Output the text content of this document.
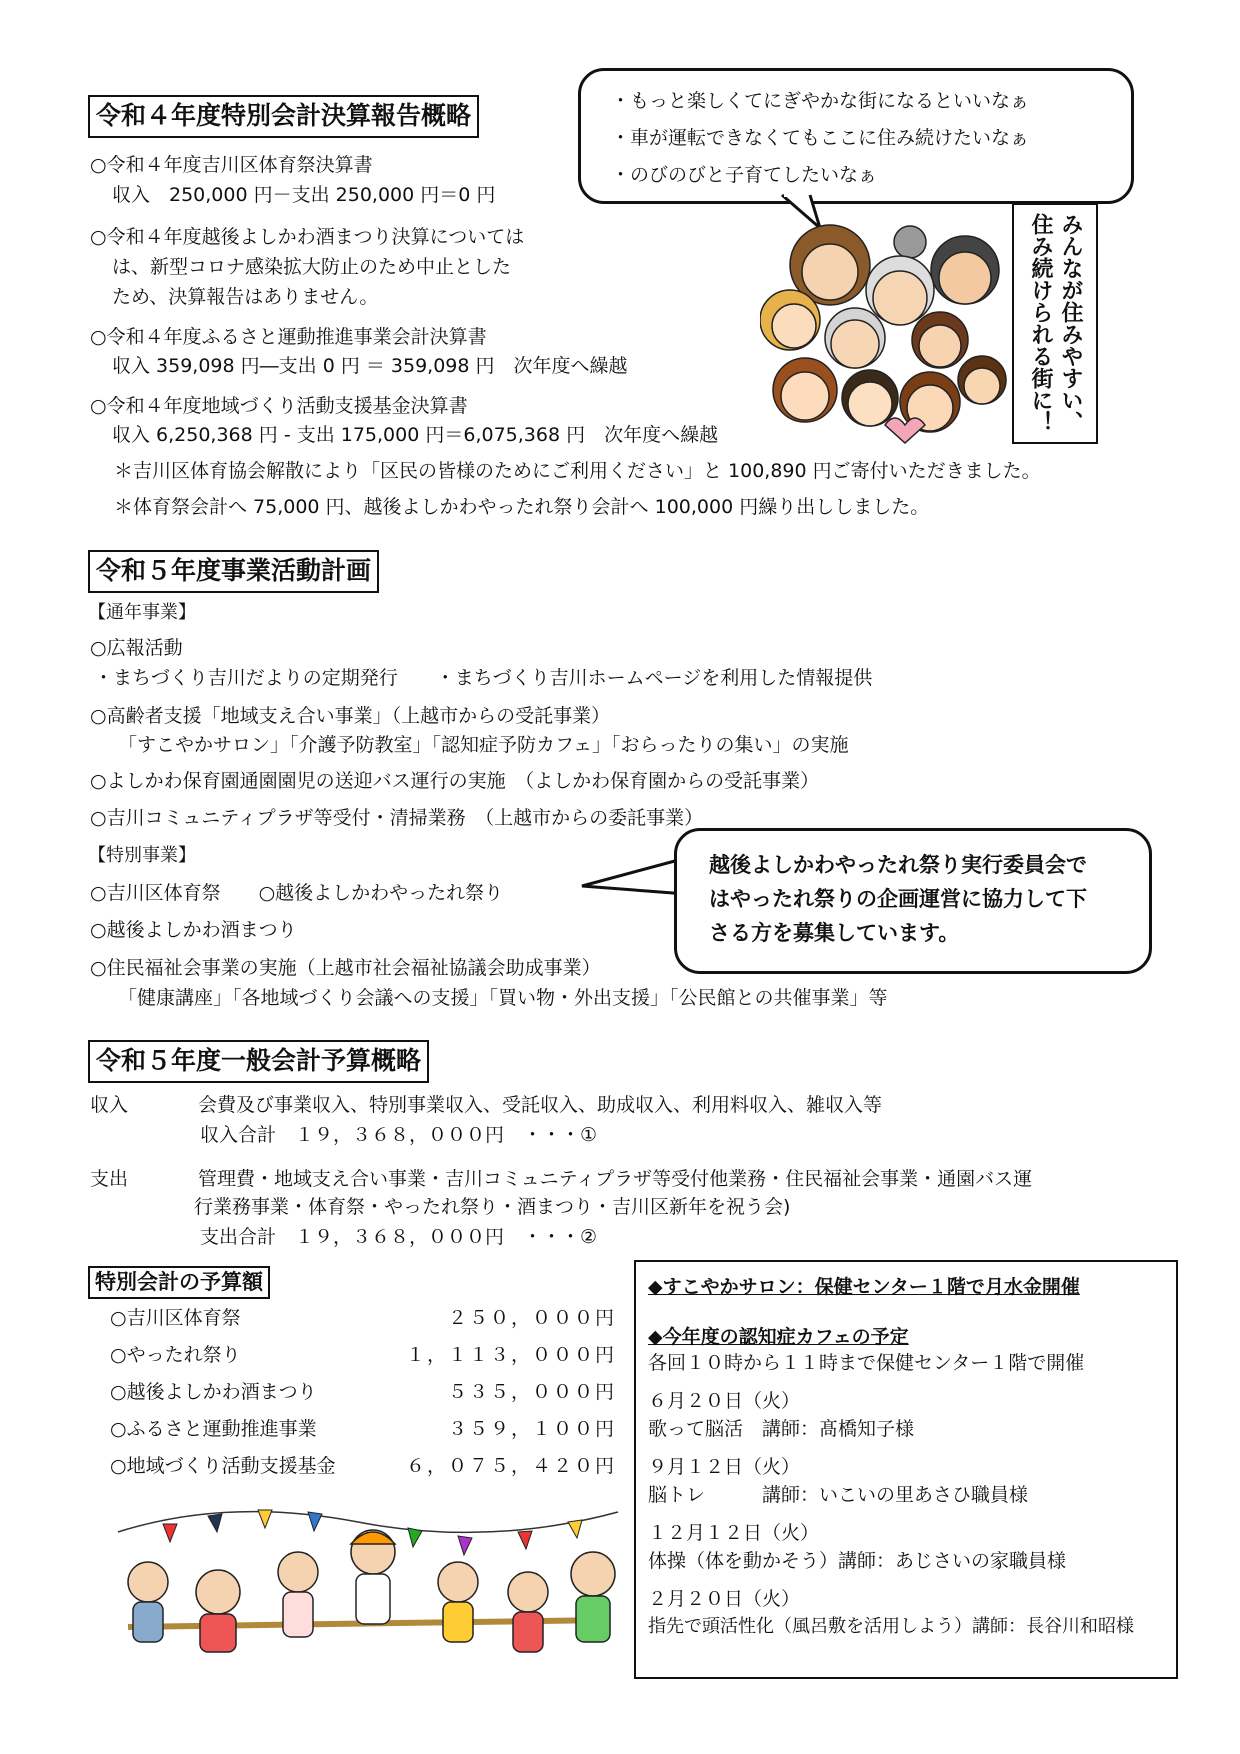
令和４年度特別会計決算報告概略
○令和４年度吉川区体育祭決算書
収入　250,000 円－支出 250,000 円＝0 円
○令和４年度越後よしかわ酒まつり決算については
は、新型コロナ感染拡大防止のため中止とした
ため、決算報告はありません。
○令和４年度ふるさと運動推進事業会計決算書
収入 359,098 円―支出 0 円 ＝ 359,098 円　次年度へ繰越
○令和４年度地域づくり活動支援基金決算書
収入 6,250,368 円 - 支出 175,000 円＝6,075,368 円　次年度へ繰越
＊吉川区体育協会解散により「区民の皆様のためにご利用ください」と 100,890 円ご寄付いただきました。
＊体育祭会計へ 75,000 円、越後よしかわやったれ祭り会計へ 100,000 円繰り出ししました。
・もっと楽しくてにぎやかな街になるといいなぁ
・車が運転できなくてもここに住み続けたいなぁ
・のびのびと子育てしたいなぁ
みんなが住みやすい、
住み続けられる街に！
令和５年度事業活動計画
【通年事業】
○広報活動
・まちづくり吉川だよりの定期発行　　・まちづくり吉川ホームページを利用した情報提供
○高齢者支援「地域支え合い事業」（上越市からの受託事業）
「すこやかサロン」「介護予防教室」「認知症予防カフェ」「おらったりの集い」の実施
○よしかわ保育園通園園児の送迎バス運行の実施　（よしかわ保育園からの受託事業）
○吉川コミュニティプラザ等受付・清掃業務　（上越市からの委託事業）
【特別事業】
○吉川区体育祭　　○越後よしかわやったれ祭り
○越後よしかわ酒まつり
○住民福祉会事業の実施（上越市社会福祉協議会助成事業）
「健康講座」「各地域づくり会議への支援」「買い物・外出支援」「公民館との共催事業」等
越後よしかわやったれ祭り実行委員会で
はやったれ祭りの企画運営に協力して下
さる方を募集しています。
令和５年度一般会計予算概略
収入	会費及び事業収入、特別事業収入、受託収入、助成収入、利用料収入、雑収入等
収入合計　１９，３６８，０００円　・・・①
支出	管理費・地域支え合い事業・吉川コミュニティプラザ等受付他業務・住民福祉会事業・通園バス運
行業務事業・体育祭・やったれ祭り・酒まつり・吉川区新年を祝う会)
支出合計　１９，３６８，０００円　・・・②
特別会計の予算額
○吉川区体育祭	２５０，０００円
○やったれ祭り	１，１１３，０００円
○越後よしかわ酒まつり	５３５，０００円
○ふるさと運動推進事業	３５９，１００円
○地域づくり活動支援基金	６，０７５，４２０円
◆すこやかサロン：保健センター１階で月水金開催
◆今年度の認知症カフェの予定
各回１０時から１１時まで保健センター１階で開催
６月２０日（火）
歌って脳活　講師：髙橋知子様
９月１２日（火）
脳トレ　　　講師：いこいの里あさひ職員様
１２月１２日（火）
体操（体を動かそう）講師：あじさいの家職員様
２月２０日（火）
指先で頭活性化（風呂敷を活用しよう）講師：長谷川和昭様
